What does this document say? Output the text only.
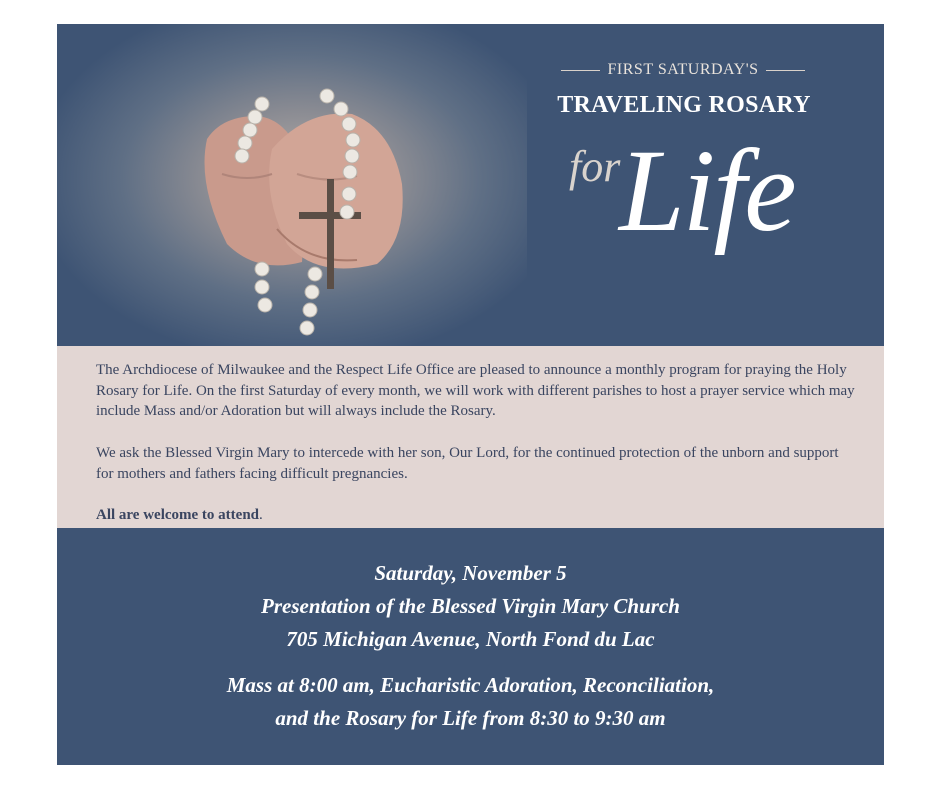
FIRST SATURDAY'S
TRAVELING ROSARY
for
Life

The Archdiocese of Milwaukee and the Respect Life Office are pleased to announce a monthly program for praying the Holy Rosary for Life. On the first Saturday of every month, we will work with different parishes to host a prayer service which may include Mass and/or Adoration but will always include the Rosary.

We ask the Blessed Virgin Mary to intercede with her son, Our Lord, for the continued protection of the unborn and support for mothers and fathers facing difficult pregnancies.

All are welcome to attend.

Saturday, November 5
Presentation of the Blessed Virgin Mary Church
705 Michigan Avenue, North Fond du Lac
Mass at 8:00 am, Eucharistic Adoration, Reconciliation,
and the Rosary for Life from 8:30 to 9:30 am
